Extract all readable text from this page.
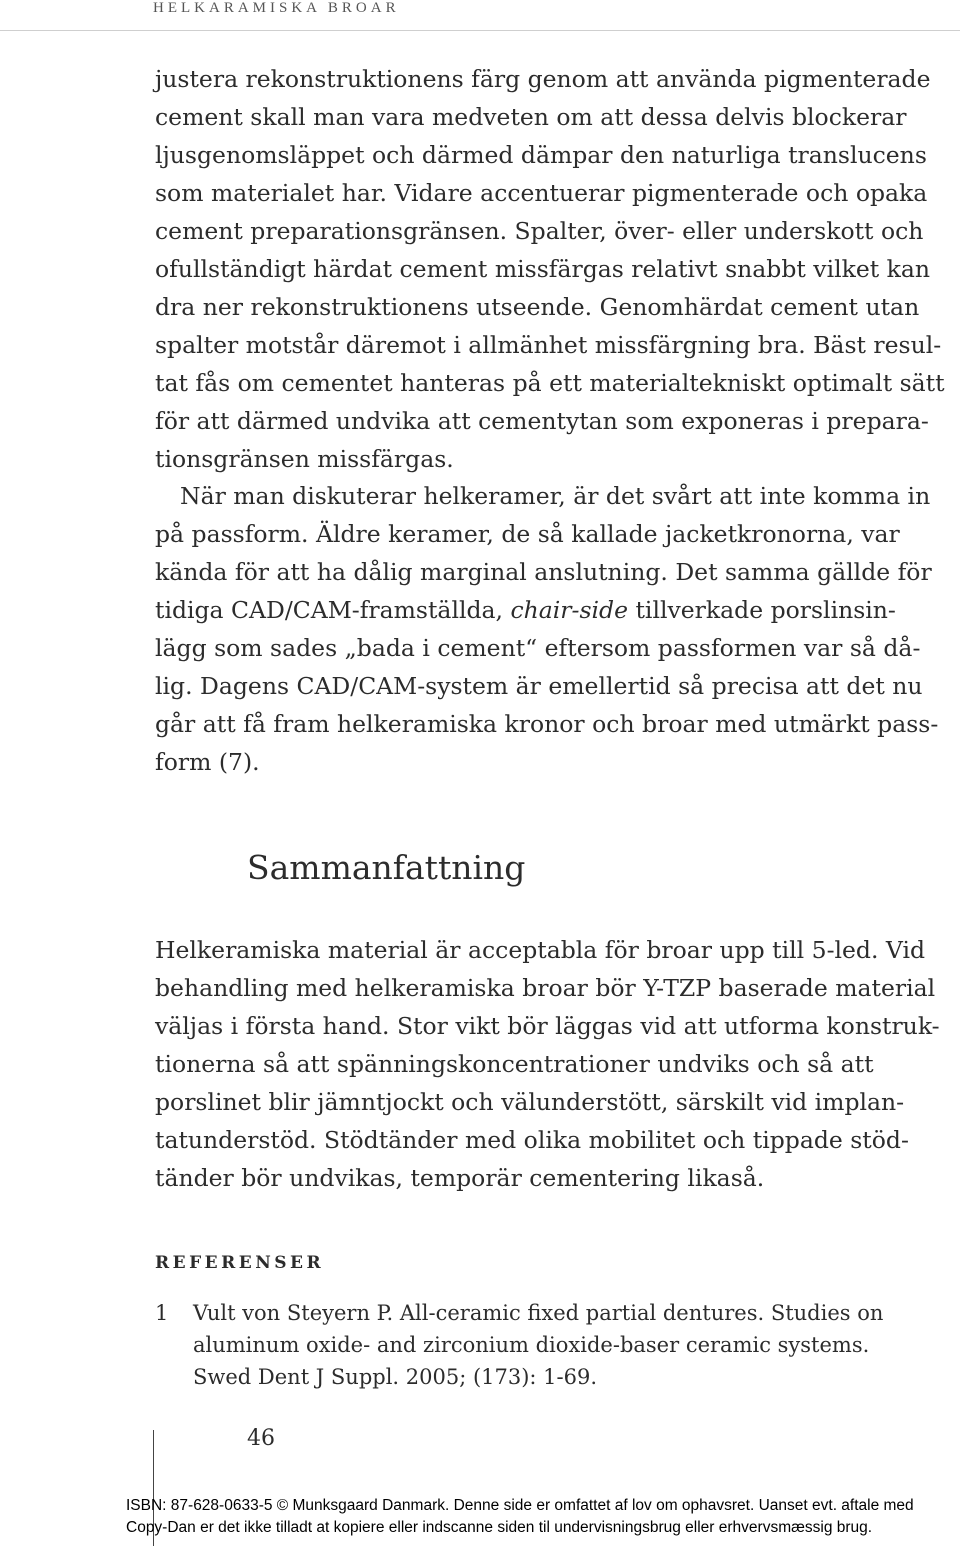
HELKARAMISKA BROAR
justera rekonstruktionens färg genom att använda pigmenterade
cement skall man vara medveten om att dessa delvis blockerar
ljusgenomsläppet och därmed dämpar den naturliga translucens
som materialet har. Vidare accentuerar pigmenterade och opaka
cement preparationsgränsen. Spalter, över- eller underskott och
ofullständigt härdat cement missfärgas relativt snabbt vilket kan
dra ner rekonstruktionens utseende. Genomhärdat cement utan
spalter motstår däremot i allmänhet missfärgning bra. Bäst resul-
tat fås om cementet hanteras på ett materialtekniskt optimalt sätt
för att därmed undvika att cementytan som exponeras i prepara-
tionsgränsen missfärgas.
När man diskuterar helkeramer, är det svårt att inte komma in
på passform. Äldre keramer, de så kallade jacketkronorna, var
kända för att ha dålig marginal anslutning. Det samma gällde för
tidiga CAD/CAM-framställda, chair-side tillverkade porslinsin-
lägg som sades „bada i cement“ eftersom passformen var så då-
lig. Dagens CAD/CAM-system är emellertid så precisa att det nu
går att få fram helkeramiska kronor och broar med utmärkt pass-
form (7).
Sammanfattning
Helkeramiska material är acceptabla för broar upp till 5-led. Vid
behandling med helkeramiska broar bör Y-TZP baserade material
väljas i första hand. Stor vikt bör läggas vid att utforma konstruk-
tionerna så att spänningskoncentrationer undviks och så att
porslinet blir jämntjockt och välunderstött, särskilt vid implan-
tatunderstöd. Stödtänder med olika mobilitet och tippade stöd-
tänder bör undvikas, temporär cementering likaså.
REFERENSER
1 Vult von Steyern P. All-ceramic fixed partial dentures. Studies on
aluminum oxide- and zirconium dioxide-baser ceramic systems.
Swed Dent J Suppl. 2005; (173): 1-69.
46
ISBN: 87-628-0633-5 © Munksgaard Danmark. Denne side er omfattet af lov om ophavsret. Uanset evt. aftale med
Copy-Dan er det ikke tilladt at kopiere eller indscanne siden til undervisningsbrug eller erhvervsmæssig brug.
